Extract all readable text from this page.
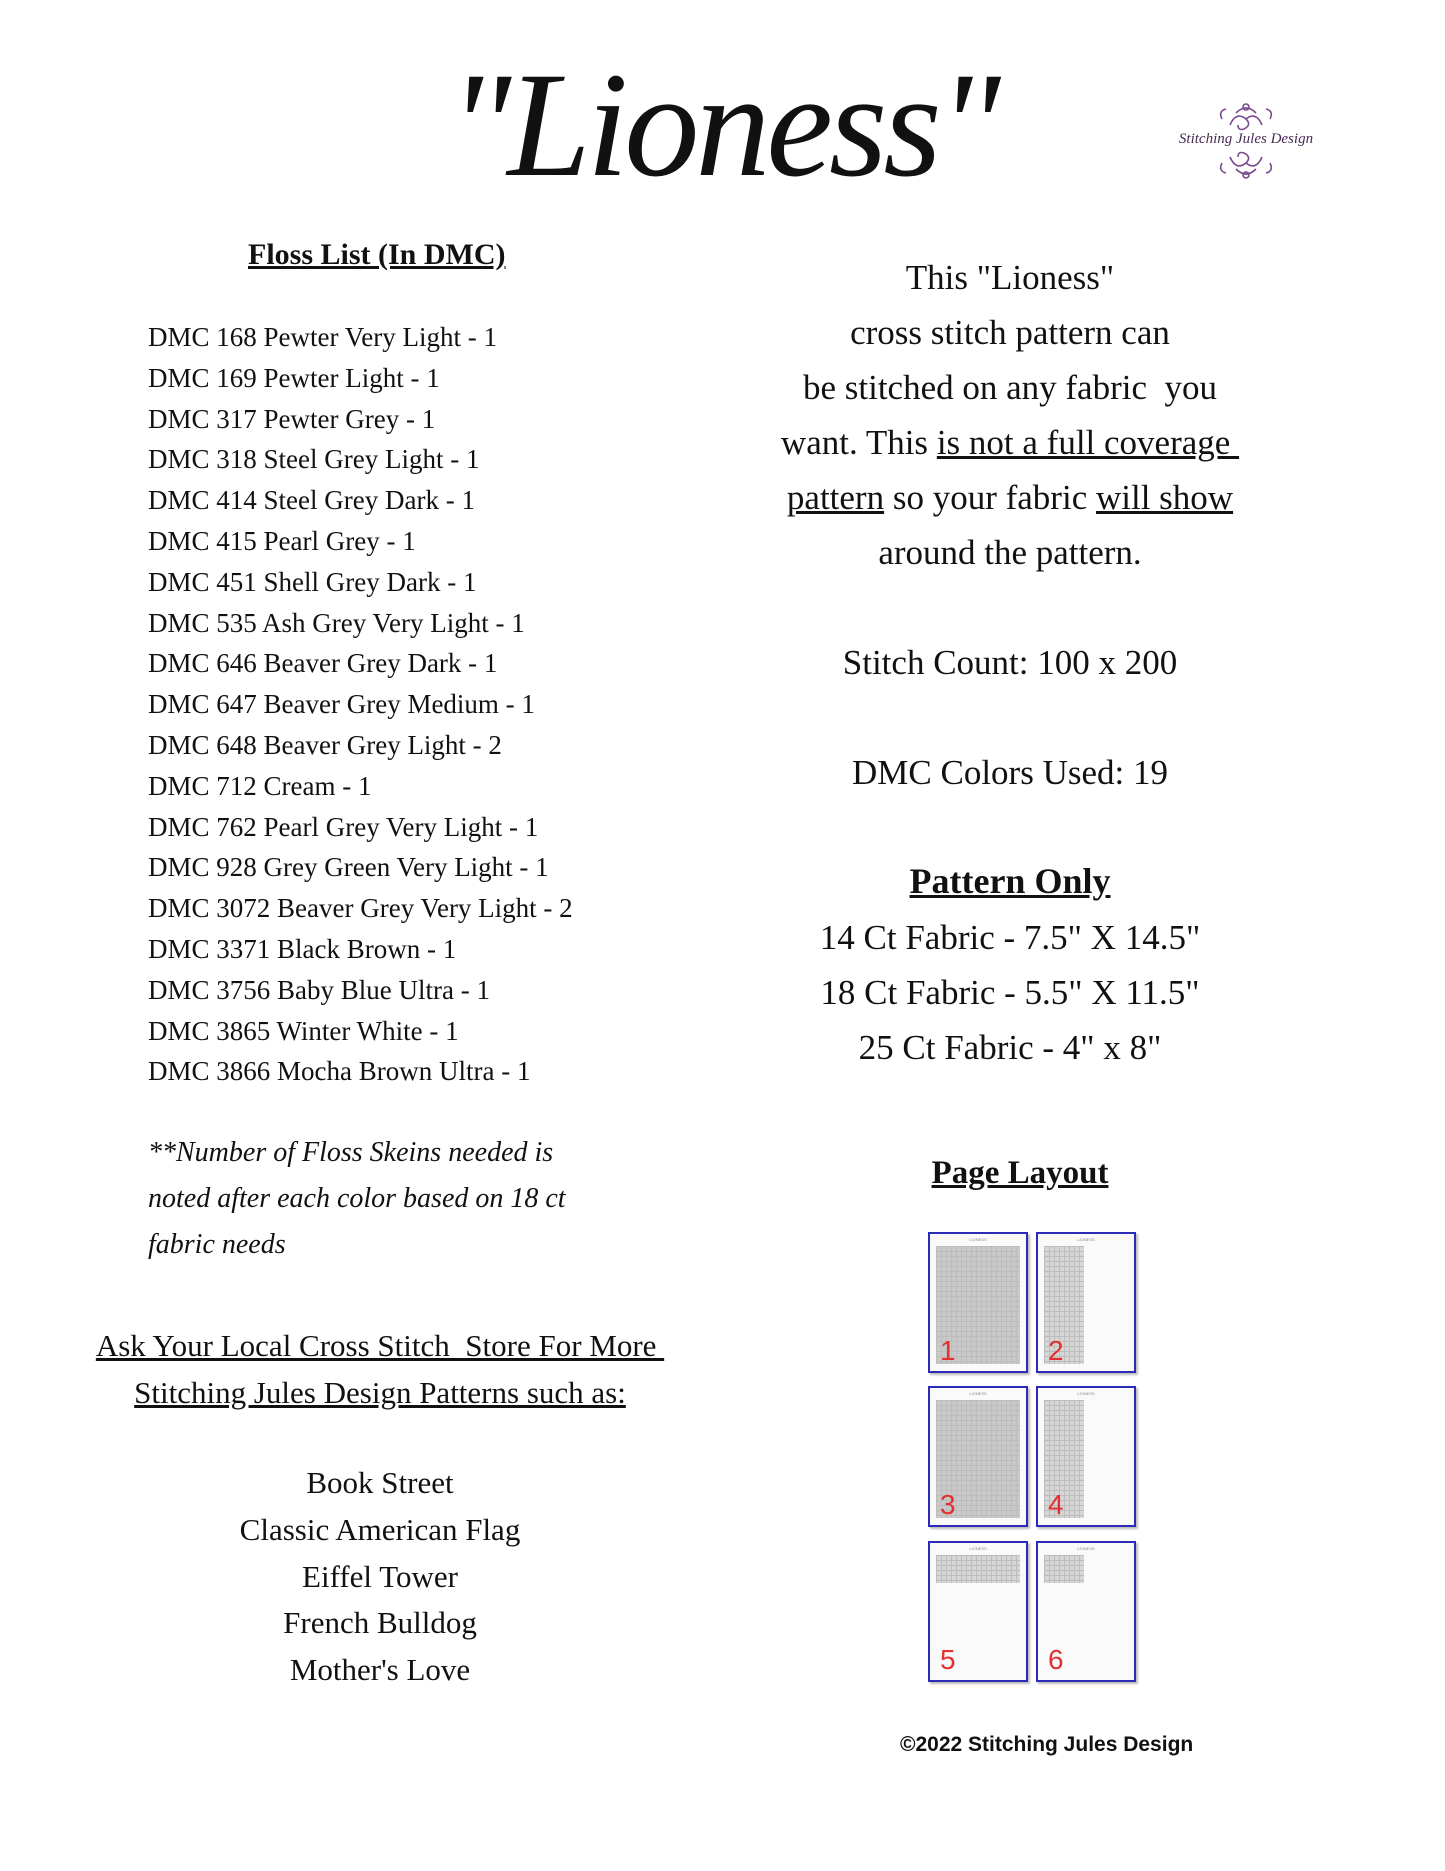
"Lioness"	Stitching Jules Design
Floss List (In DMC)
DMC 168 Pewter Very Light - 1
DMC 169 Pewter Light - 1
DMC 317 Pewter Grey - 1
DMC 318 Steel Grey Light - 1
DMC 414 Steel Grey Dark - 1
DMC 415 Pearl Grey - 1
DMC 451 Shell Grey Dark - 1
DMC 535 Ash Grey Very Light - 1
DMC 646 Beaver Grey Dark - 1
DMC 647 Beaver Grey Medium - 1
DMC 648 Beaver Grey Light - 2
DMC 712 Cream - 1
DMC 762 Pearl Grey Very Light - 1
DMC 928 Grey Green Very Light - 1
DMC 3072 Beaver Grey Very Light - 2
DMC 3371 Black Brown - 1
DMC 3756 Baby Blue Ultra - 1
DMC 3865 Winter White - 1
DMC 3866 Mocha Brown Ultra - 1
**Number of Floss Skeins needed is noted after each color based on 18 ct fabric needs
Ask Your Local Cross Stitch  Store For More
Stitching Jules Design Patterns such as:
Book Street
Classic American Flag
Eiffel Tower
French Bulldog
Mother's Love
This "Lioness"
cross stitch pattern can
be stitched on any fabric  you
want. This is not a full coverage
pattern so your fabric will show
around the pattern.
Stitch Count: 100 x 200
DMC Colors Used: 19
Pattern Only
14 Ct Fabric - 7.5" X 14.5"
18 Ct Fabric - 5.5" X 11.5"
25 Ct Fabric - 4" x 8"
Page Layout
LIONESS
1
LIONESS
2
LIONESS
3
LIONESS
4
LIONESS
5
LIONESS
6
©2022 Stitching Jules Design
